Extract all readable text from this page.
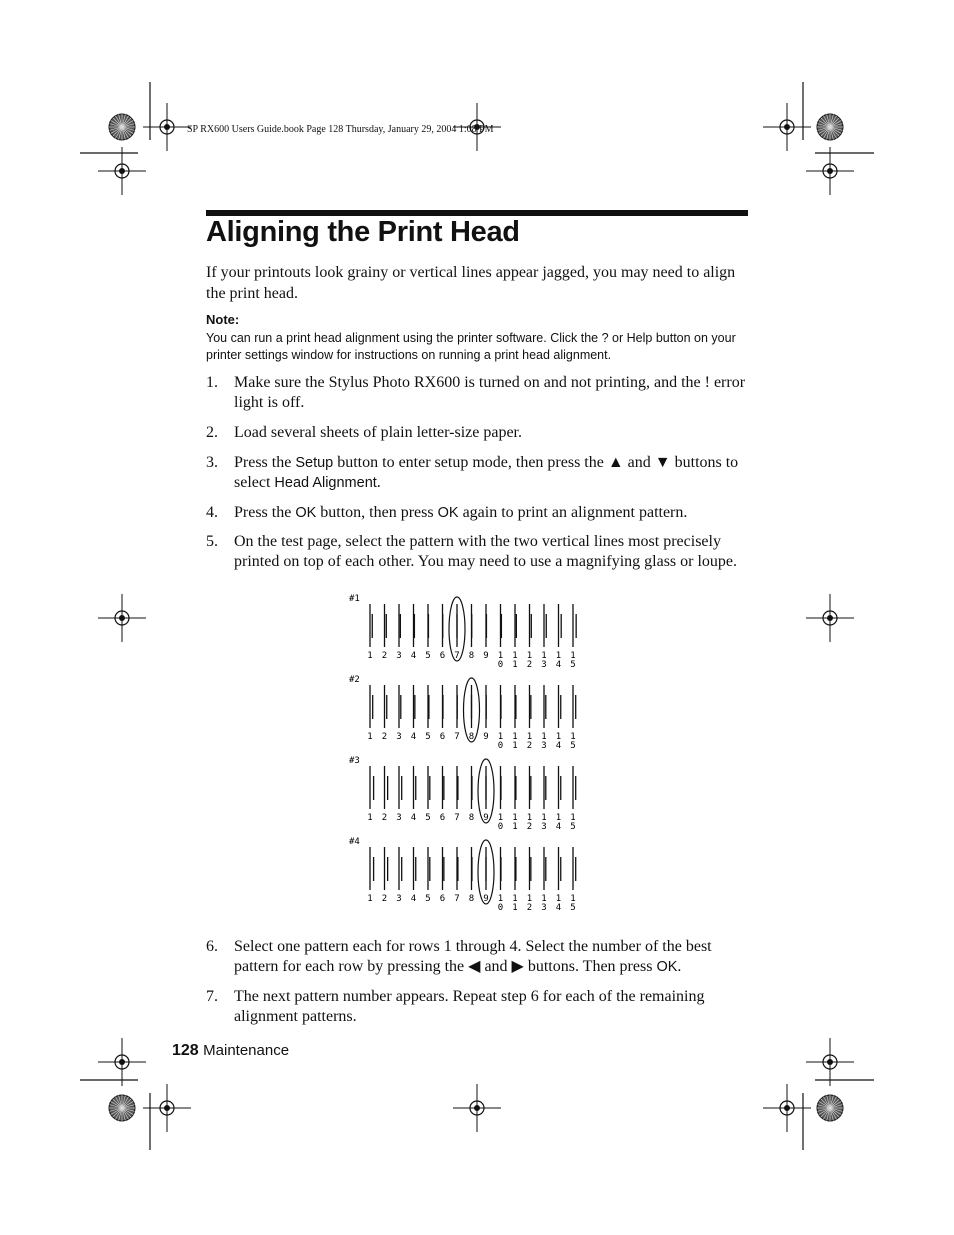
SP RX600 Users Guide.book Page 128 Thursday, January 29, 2004 1:08 PM
Aligning the Print Head

If your printouts look grainy or vertical lines appear jagged, you may need to align the print head.

Note:

You can run a print head alignment using the printer software. Click the ? or Help button on your printer settings window for instructions on running a print head alignment.

1. Make sure the Stylus Photo RX600 is turned on and not printing, and the ! error light is off.
2. Load several sheets of plain letter-size paper.
3. Press the Setup button to enter setup mode, then press the ▲ and ▼ buttons to select Head Alignment.
4. Press the OK button, then press OK again to print an alignment pattern.
5. On the test page, select the pattern with the two vertical lines most precisely printed on top of each other. You may need to use a magnifying glass or loupe.
#1
1 2 3 4 5 6 7 8 9 1
0
1
1
1
2
1
3
1
4
1
5
#2
1 2 3 4 5 6 7 8 9 1
0
1
1
1
2
1
3
1
4
1
5
#3
1 2 3 4 5 6 7 8 9 1
0
1
1
1
2
1
3
1
4
1
5
#4
1 2 3 4 5 6 7 8 9 1
0
1
1
1
2
1
3
1
4
1
5
6. Select one pattern each for rows 1 through 4. Select the number of the best pattern for each row by pressing the ◀ and ▶ buttons. Then press OK.
7. The next pattern number appears. Repeat step 6 for each of the remaining alignment patterns.
128 Maintenance
